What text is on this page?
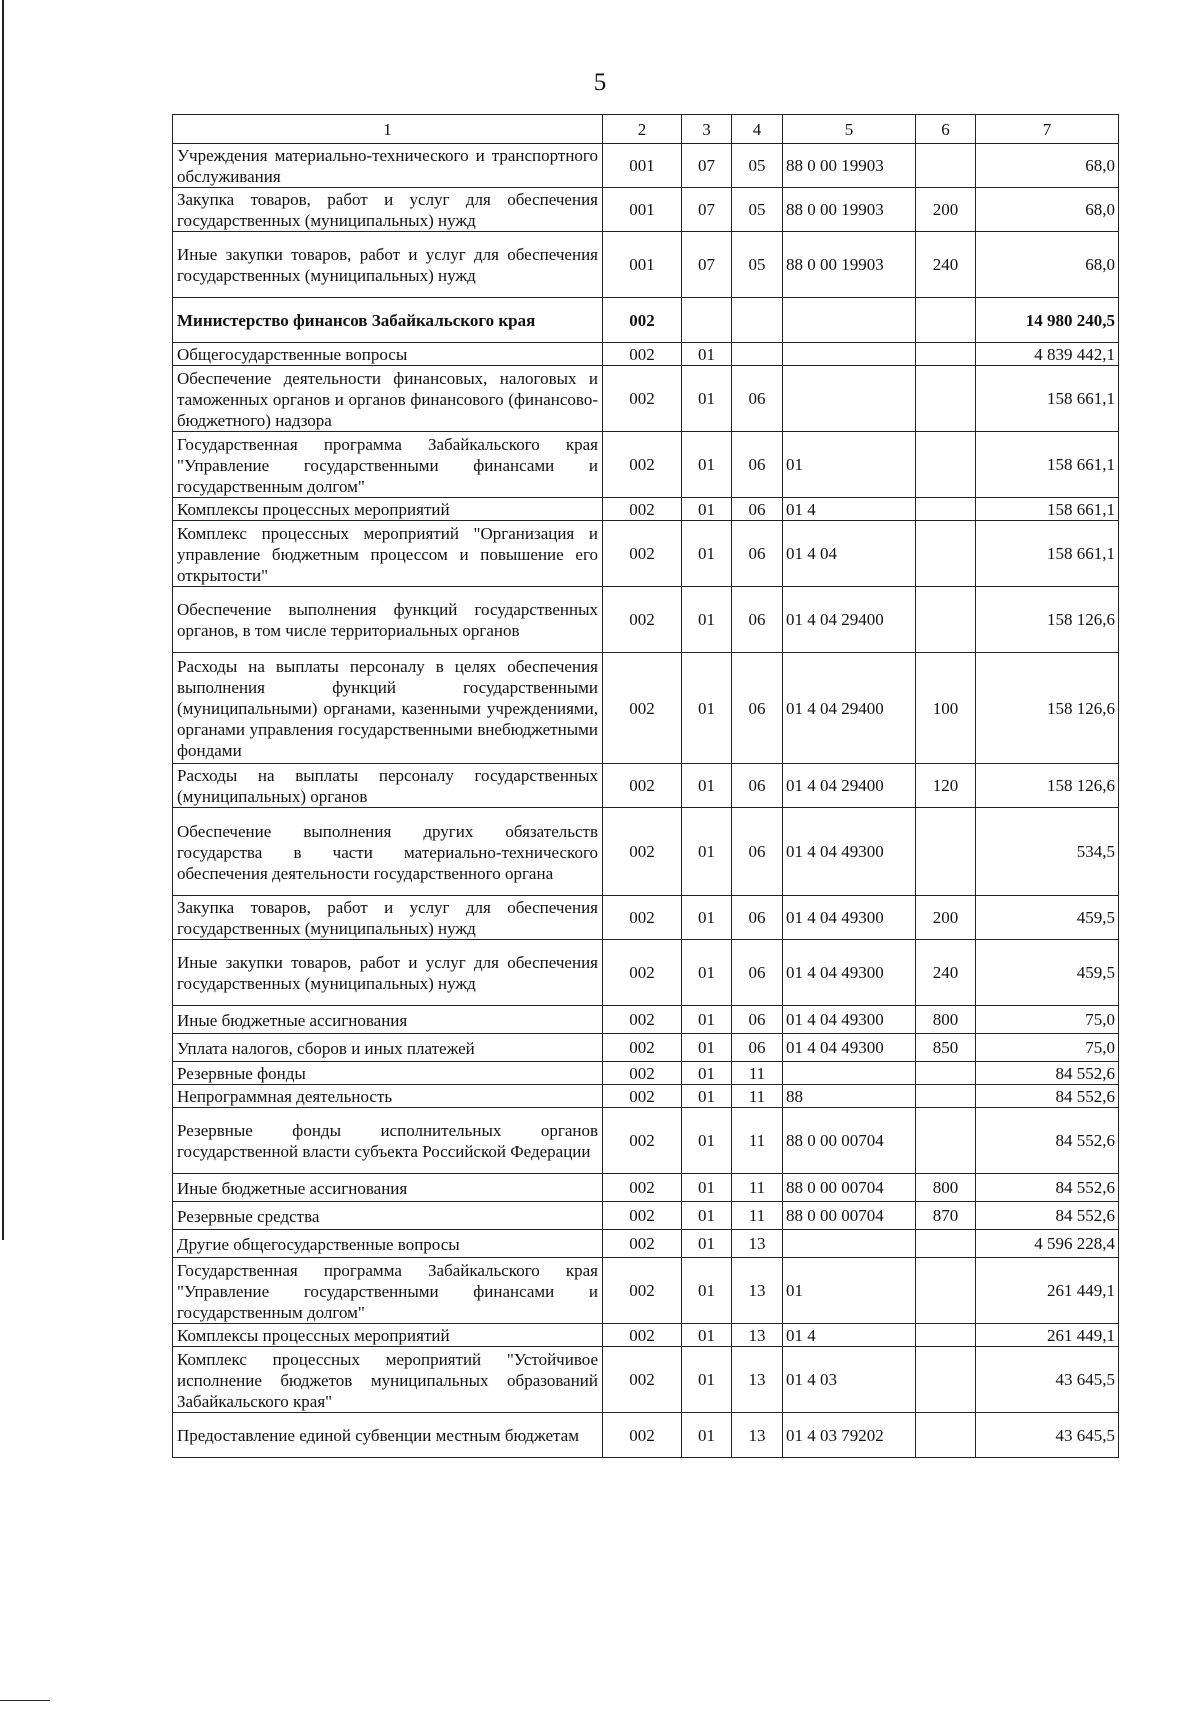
5
1	2	3	4	5	6	7
Учреждения материально-технического и транспортного обслуживания	001	07	05	88 0 00 19903		68,0
Закупка товаров, работ и услуг для обеспечения государственных (муниципальных) нужд	001	07	05	88 0 00 19903	200	68,0
Иные закупки товаров, работ и услуг для обеспечения государственных (муниципальных) нужд	001	07	05	88 0 00 19903	240	68,0
Министерство финансов Забайкальского края	002					14 980 240,5
Общегосударственные вопросы	002	01				4 839 442,1
Обеспечение деятельности финансовых, налоговых и таможенных органов и органов финансового (финансово-бюджетного) надзора	002	01	06			158 661,1
Государственная программа Забайкальского края "Управление государственными финансами и государственным долгом"	002	01	06	01		158 661,1
Комплексы процессных мероприятий	002	01	06	01 4		158 661,1
Комплекс процессных мероприятий "Организация и управление бюджетным процессом и повышение его открытости"	002	01	06	01 4 04		158 661,1
Обеспечение выполнения функций государственных органов, в том числе территориальных органов	002	01	06	01 4 04 29400		158 126,6
Расходы на выплаты персоналу в целях обеспечения выполнения функций государственными (муниципальными) органами, казенными учреждениями, органами управления государственными внебюджетными фондами	002	01	06	01 4 04 29400	100	158 126,6
Расходы на выплаты персоналу государственных (муниципальных) органов	002	01	06	01 4 04 29400	120	158 126,6
Обеспечение выполнения других обязательств государства в части материально-технического обеспечения деятельности государственного органа	002	01	06	01 4 04 49300		534,5
Закупка товаров, работ и услуг для обеспечения государственных (муниципальных) нужд	002	01	06	01 4 04 49300	200	459,5
Иные закупки товаров, работ и услуг для обеспечения государственных (муниципальных) нужд	002	01	06	01 4 04 49300	240	459,5
Иные бюджетные ассигнования	002	01	06	01 4 04 49300	800	75,0
Уплата налогов, сборов и иных платежей	002	01	06	01 4 04 49300	850	75,0
Резервные фонды	002	01	11			84 552,6
Непрограммная деятельность	002	01	11	88		84 552,6
Резервные фонды исполнительных органов государственной власти субъекта Российской Федерации	002	01	11	88 0 00 00704		84 552,6
Иные бюджетные ассигнования	002	01	11	88 0 00 00704	800	84 552,6
Резервные средства	002	01	11	88 0 00 00704	870	84 552,6
Другие общегосударственные вопросы	002	01	13			4 596 228,4
Государственная программа Забайкальского края "Управление государственными финансами и государственным долгом"	002	01	13	01		261 449,1
Комплексы процессных мероприятий	002	01	13	01 4		261 449,1
Комплекс процессных мероприятий "Устойчивое исполнение бюджетов муниципальных образований Забайкальского края"	002	01	13	01 4 03		43 645,5
Предоставление единой субвенции местным бюджетам	002	01	13	01 4 03 79202		43 645,5
